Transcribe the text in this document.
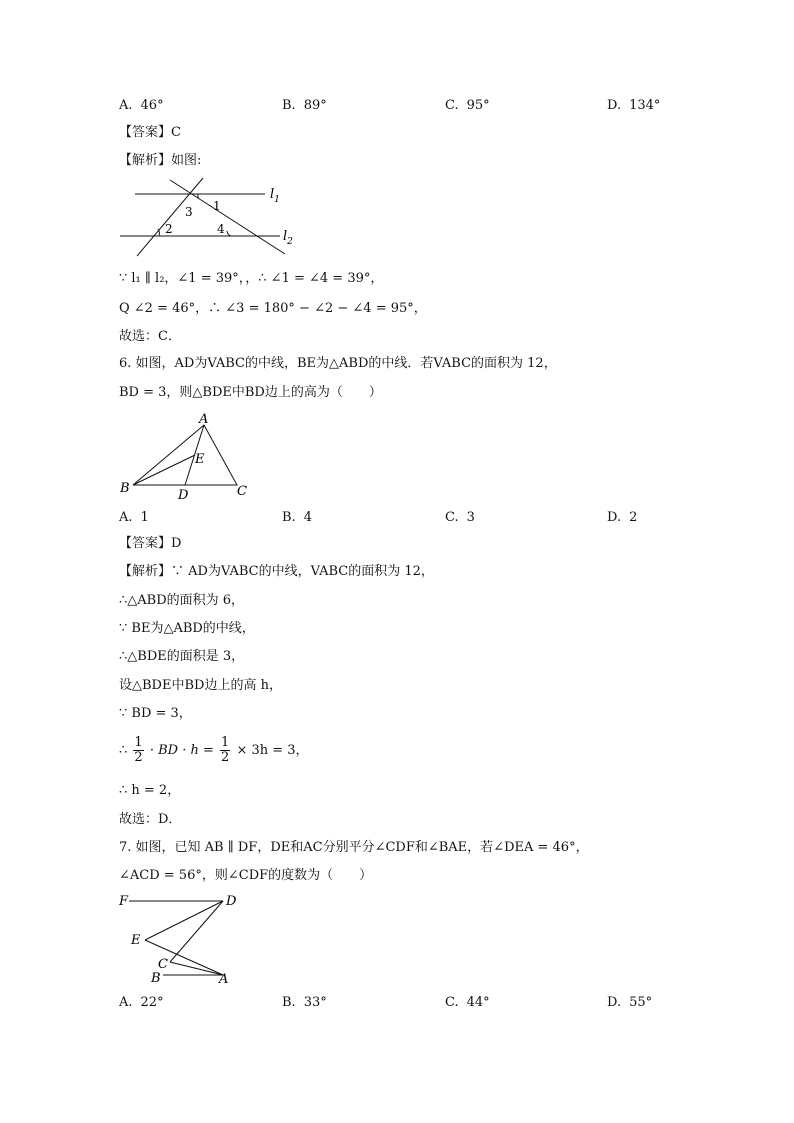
A. 46°	B. 89°	C. 95°	D. 134°
【答案】C
【解析】如图:
1
2
3
4
$l_1$
$l_2$
∵ l₁ ∥ l₂，∠1 = 39°，，∴ ∠1 = ∠4 = 39°，
Q ∠2 = 46°，∴ ∠3 = 180° − ∠2 − ∠4 = 95°，
故选：C．
6. 如图，AD为VABC的中线，BE为△ABD的中线．若VABC的面积为 12，
BD = 3，则△BDE中BD边上的高为（　　）
A
B	C
D
E
A. 1	B. 4	C. 3	D. 2
【答案】D
【解析】∵ AD为VABC的中线，VABC的面积为 12，
∴△ABD的面积为 6，
∵ BE为△ABD的中线，
∴△BDE的面积是 3，
设△BDE中BD边上的高 h，
∵ BD = 3，
∴ $\frac{1}{2}$ · BD · $h = \frac{1}{2} \times 3h = 3$，
∴ h = 2，
故选：D．
7. 如图，已知 AB ∥ DF，DE和AC分别平分∠CDF和∠BAE，若∠DEA = 46°，
∠ACD = 56°，则∠CDF的度数为（　　）
F	D
E
C
B	A
A. 22°	B. 33°	C. 44°	D. 55°
